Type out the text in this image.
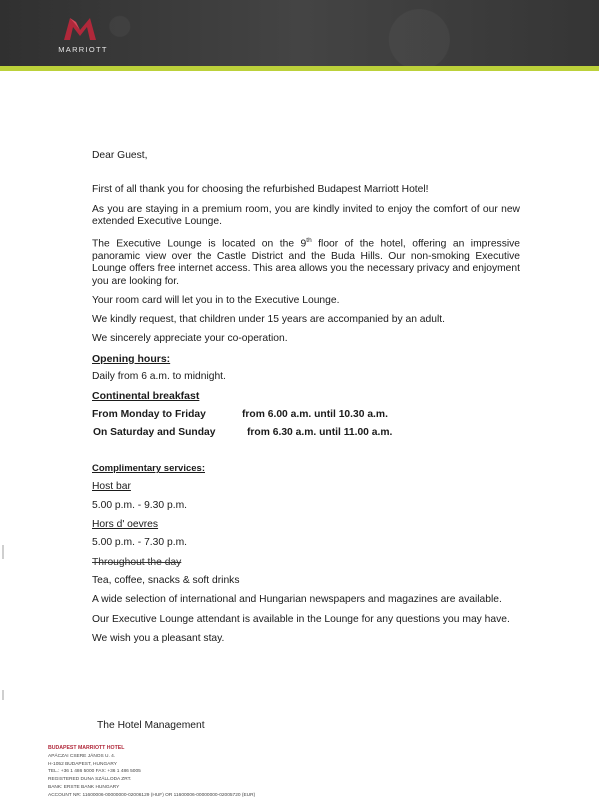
MARRIOTT

Dear Guest,

First of all thank you for choosing the refurbished Budapest Marriott Hotel!

As you are staying in a premium room, you are kindly invited to enjoy the comfort of our new extended Executive Lounge.

The Executive Lounge is located on the 9th floor of the hotel, offering an impressive panoramic view over the Castle District and the Buda Hills. Our non-smoking Executive Lounge offers free internet access. This area allows you the necessary privacy and enjoyment you are looking for.

Your room card will let you in to the Executive Lounge.

We kindly request, that children under 15 years are accompanied by an adult.

We sincerely appreciate your co-operation.

Opening hours:

Daily from 6 a.m. to midnight.

Continental breakfast

From Monday to Friday	from 6.00 a.m. until 10.30 a.m.
On Saturday and Sunday	from 6.30 a.m. until 11.00 a.m.

Complimentary services:

Host bar

5.00 p.m. - 9.30 p.m.

Hors d' oevres

5.00 p.m. - 7.30 p.m.

Throughout the day

Tea, coffee, snacks & soft drinks

A wide selection of international and Hungarian newspapers and magazines are available.

Our Executive Lounge attendant is available in the Lounge for any questions you may have.

We wish you a pleasant stay.

The Hotel Management
BUDAPEST MARRIOTT HOTEL
APÁCZAI CSERE JÁNOS U. 4.
H-1052 BUDAPEST, HUNGARY
TEL.: +36 1 486 5000 FAX: +36 1 486 5005
REGISTERED DUNA SZÁLLODA ZRT.
BANK: ERSTE BANK HUNGARY
ACCOUNT NR: 11600006-00000000-02006129 (HUF) OR 11600006-00000000-02005720 (EUR)
